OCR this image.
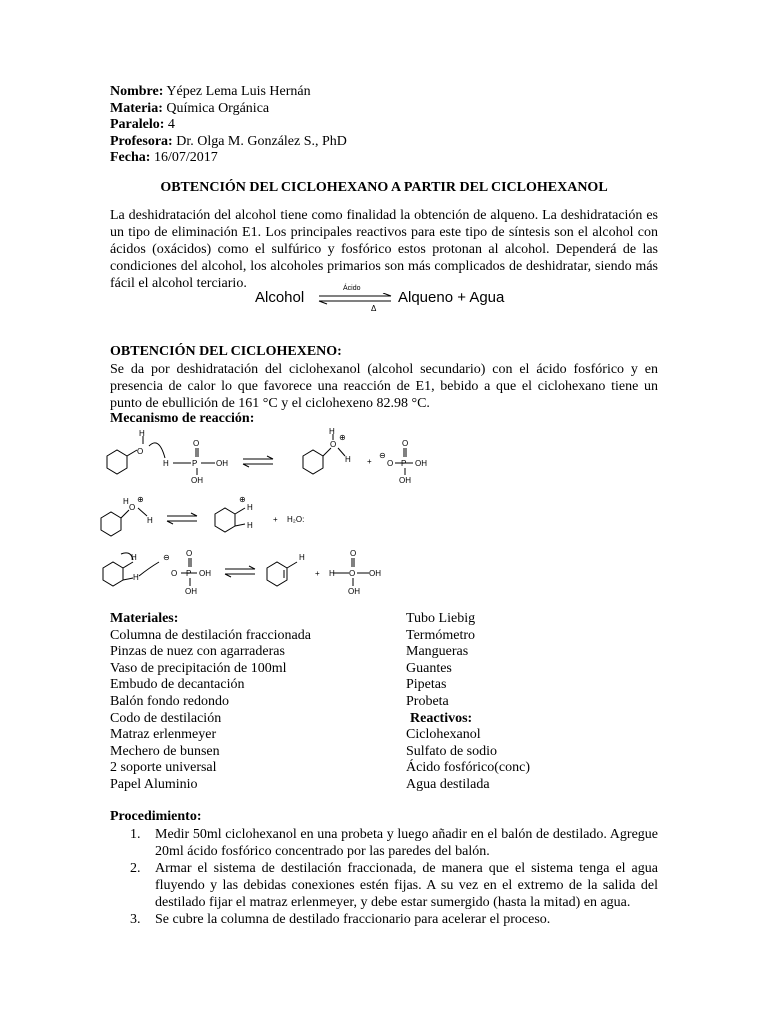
Nombre: Yépez Lema Luis Hernán
Materia: Química Orgánica
Paralelo: 4
Profesora: Dr. Olga M. González S., PhD
Fecha: 16/07/2017
OBTENCIÓN DEL CICLOHEXANO A PARTIR DEL CICLOHEXANOL
La deshidratación del alcohol tiene como finalidad la obtención de alqueno. La deshidratación es un tipo de eliminación E1. Los principales reactivos para este tipo de síntesis son el alcohol con ácidos (oxácidos) como el sulfúrico y fosfórico estos protonan al alcohol. Dependerá de las condiciones del alcohol, los alcoholes primarios son más complicados de deshidratar, siendo más fácil el alcohol terciario.
Alcohol
Ácido
Δ
Alqueno + Agua
OBTENCIÓN DEL CICLOHEXENO:
Se da por deshidratación del ciclohexanol (alcohol secundario) con el ácido fosfórico y en presencia de calor lo que favorece una reacción de E1, bebido a que el ciclohexano tiene un punto de ebullición de 161 °C y el ciclohexeno 82.98 °C.
Mecanismo de reacción:
H
O
H	P
O
OH
OH
H
O
⊕
H +
⊖
O P
O
OH
OH
H
O
⊕
H
⊕
H
H
+ H₂O:
H
H
⊖
O P
O
OH
OH
H
+ H O
O
OH
OH
Materiales:
Columna de destilación fraccionada
Pinzas de nuez con agarraderas
Vaso de precipitación de 100ml
Embudo de decantación
Balón fondo redondo
Codo de destilación
Matraz erlenmeyer
Mechero de bunsen
2 soporte universal
Papel Aluminio
Tubo Liebig
Termómetro
Mangueras
Guantes
Pipetas
Probeta
Reactivos:
Ciclohexanol
Sulfato de sodio
Ácido fosfórico(conc)
Agua destilada
Procedimiento:
1. Medir 50ml ciclohexanol en una probeta y luego añadir en el balón de destilado. Agregue 20ml ácido fosfórico concentrado por las paredes del balón.
2. Armar el sistema de destilación fraccionada, de manera que el sistema tenga el agua fluyendo y las debidas conexiones estén fijas. A su vez en el extremo de la salida del destilado fijar el matraz erlenmeyer, y debe estar sumergido (hasta la mitad) en agua.
3. Se cubre la columna de destilado fraccionario para acelerar el proceso.
